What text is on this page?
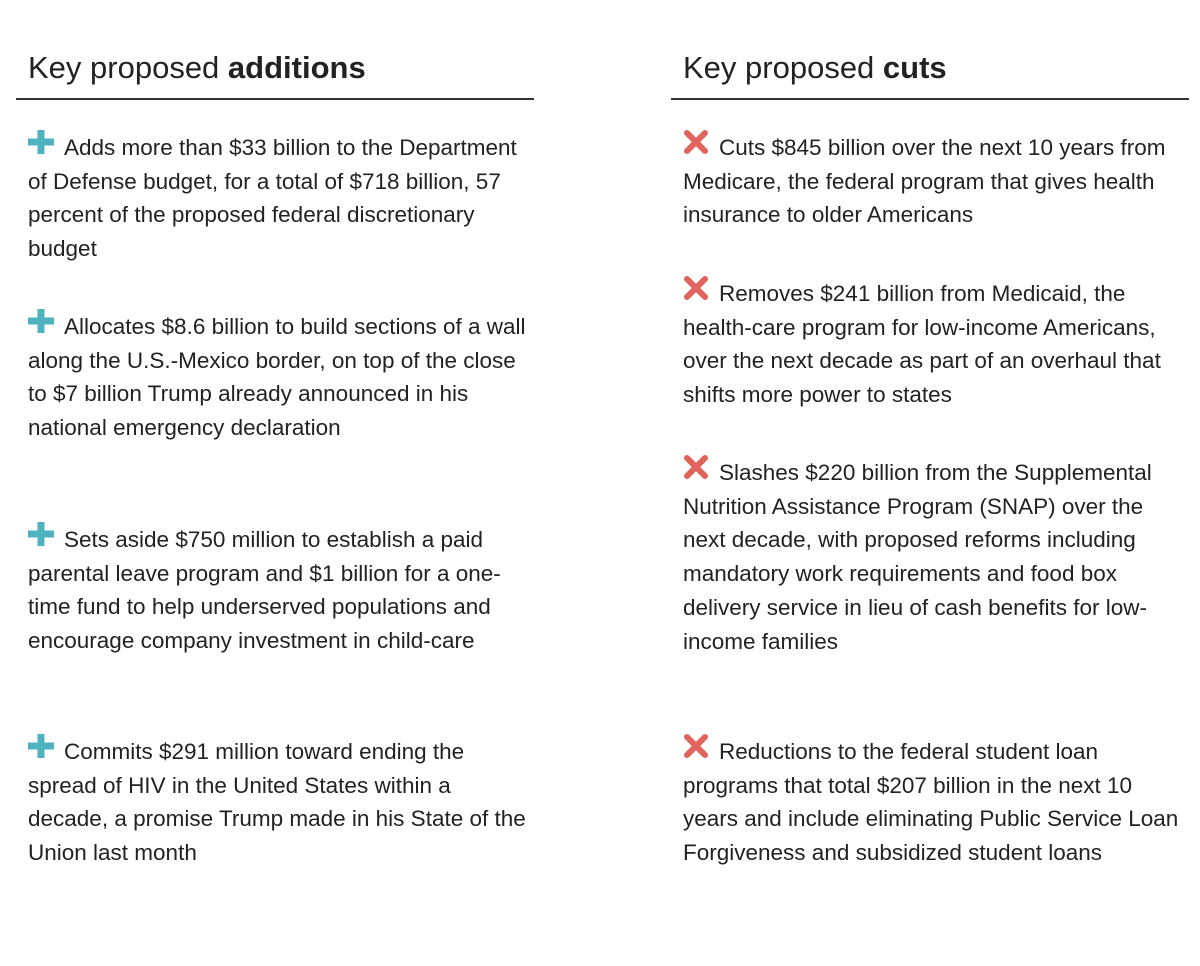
Key proposed additions
Adds more than $33 billion to the Department of Defense budget, for a total of $718 billion, 57 percent of the proposed federal discretionary budget
Allocates $8.6 billion to build sections of a wall along the U.S.-Mexico border, on top of the close to $7 billion Trump already announced in his national emergency declaration
Sets aside $750 million to establish a paid parental leave program and $1 billion for a one-time fund to help underserved populations and encourage company investment in child-care
Commits $291 million toward ending the spread of HIV in the United States within a decade, a promise Trump made in his State of the Union last month
Key proposed cuts
Cuts $845 billion over the next 10 years from Medicare, the federal program that gives health insurance to older Americans
Removes $241 billion from Medicaid, the health-care program for low-income Americans, over the next decade as part of an overhaul that shifts more power to states
Slashes $220 billion from the Supplemental Nutrition Assistance Program (SNAP) over the next decade, with proposed reforms including mandatory work requirements and food box delivery service in lieu of cash benefits for low-income families
Reductions to the federal student loan programs that total $207 billion in the next 10 years and include eliminating Public Service Loan Forgiveness and subsidized student loans
